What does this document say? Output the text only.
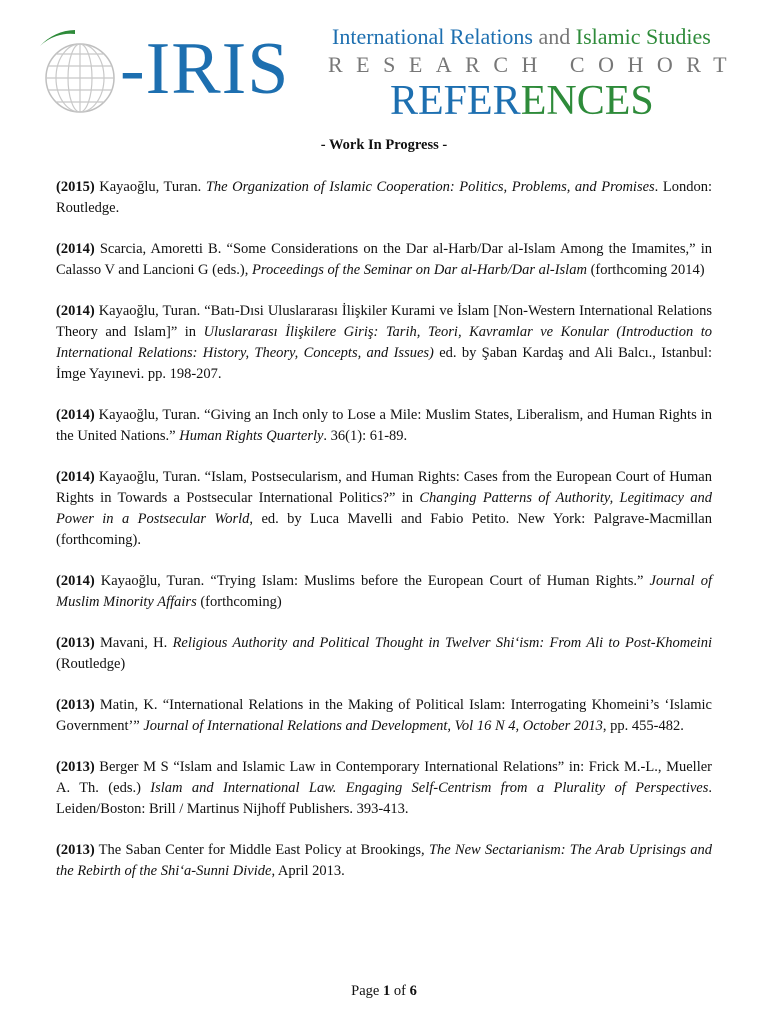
-IRIS International Relations and Islamic Studies
RESEARCH COHORT
REFERENCES
- Work In Progress -

(2015) Kayaoğlu, Turan. The Organization of Islamic Cooperation: Politics, Problems, and Promises. London: Routledge.

(2014) Scarcia, Amoretti B. “Some Considerations on the Dar al-Harb/Dar al-Islam Among the Imamites,” in Calasso V and Lancioni G (eds.), Proceedings of the Seminar on Dar al-Harb/Dar al-Islam (forthcoming 2014)

(2014) Kayaoğlu, Turan. “Batı-Dısi Uluslararası İlişkiler Kurami ve İslam [Non-Western International Relations Theory and Islam]” in Uluslararası İlişkilere Giriş: Tarih, Teori, Kavramlar ve Konular (Introduction to International Relations: History, Theory, Concepts, and Issues) ed. by Şaban Kardaş and Ali Balcı., Istanbul: İmge Yayınevi. pp. 198-207.

(2014) Kayaoğlu, Turan. “Giving an Inch only to Lose a Mile: Muslim States, Liberalism, and Human Rights in the United Nations.” Human Rights Quarterly. 36(1): 61-89.

(2014) Kayaoğlu, Turan. “Islam, Postsecularism, and Human Rights: Cases from the European Court of Human Rights in Towards a Postsecular International Politics?” in Changing Patterns of Authority, Legitimacy and Power in a Postsecular World, ed. by Luca Mavelli and Fabio Petito. New York: Palgrave-Macmillan (forthcoming).

(2014) Kayaoğlu, Turan. “Trying Islam: Muslims before the European Court of Human Rights.” Journal of Muslim Minority Affairs (forthcoming)

(2013) Mavani, H. Religious Authority and Political Thought in Twelver Shi‘ism: From Ali to Post-Khomeini (Routledge)

(2013) Matin, K. “International Relations in the Making of Political Islam: Interrogating Khomeini’s ‘Islamic Government’” Journal of International Relations and Development, Vol 16 N 4, October 2013, pp. 455-482.

(2013) Berger M S “Islam and Islamic Law in Contemporary International Relations” in: Frick M.-L., Mueller A. Th. (eds.) Islam and International Law. Engaging Self-Centrism from a Plurality of Perspectives. Leiden/Boston: Brill / Martinus Nijhoff Publishers. 393-413.

(2013) The Saban Center for Middle East Policy at Brookings, The New Sectarianism: The Arab Uprisings and the Rebirth of the Shi‘a-Sunni Divide, April 2013.

Page 1 of 6
